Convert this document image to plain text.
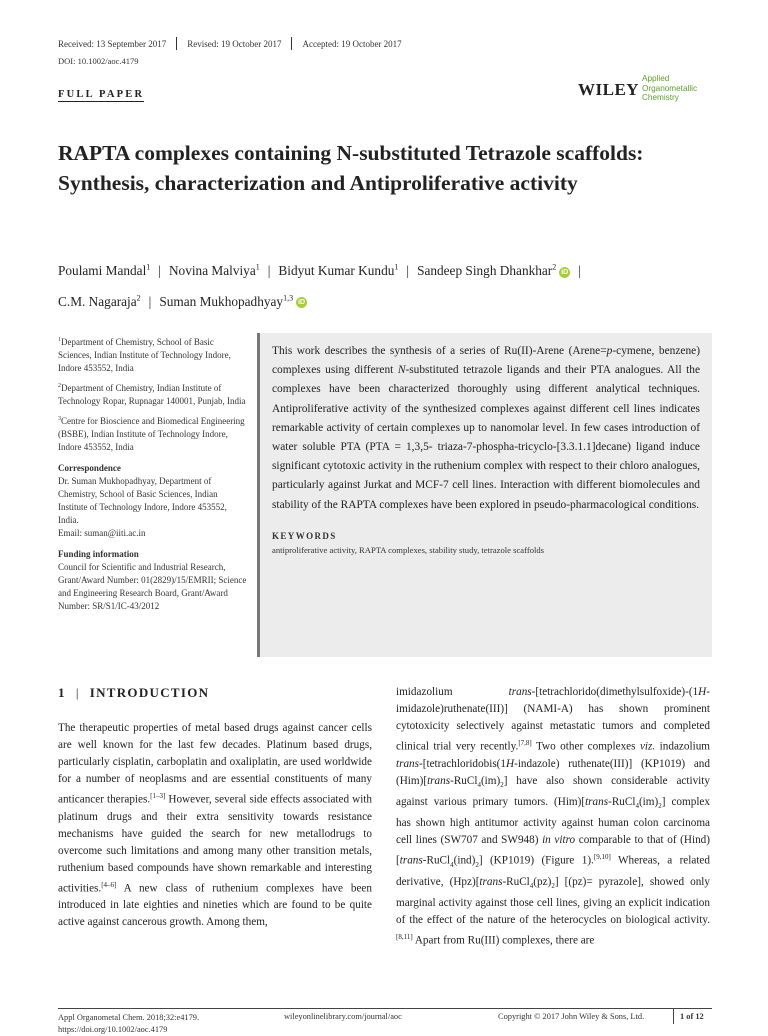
Received: 13 September 2017 Revised: 19 October 2017 Accepted: 19 October 2017
DOI: 10.1002/aoc.4179
FULL PAPER	WILEY
Applied
Organometallic
Chemistry
RAPTA complexes containing N-substituted Tetrazole scaffolds: Synthesis, characterization and Antiproliferative activity
Poulami Mandal$^1$ | Novina Malviya$^1$ | Bidyut Kumar Kundu$^1$ | Sandeep Singh Dhankhar$^2$iD |
C.M. Nagaraja$^2$ | Suman Mukhopadhyay$^{1,3}$iD

$^1$Department of Chemistry, School of Basic Sciences, Indian Institute of Technology Indore, Indore 453552, India

$^2$Department of Chemistry, Indian Institute of Technology Ropar, Rupnagar 140001, Punjab, India

$^3$Centre for Bioscience and Biomedical Engineering (BSBE), Indian Institute of Technology Indore, Indore 453552, India

Correspondence

Dr. Suman Mukhopadhyay, Department of Chemistry, School of Basic Sciences, Indian Institute of Technology Indore, Indore 453552, India.
Email: suman@iiti.ac.in

Funding information

Council for Scientific and Industrial Research, Grant/Award Number: 01(2829)/15/EMRII; Science and Engineering Research Board, Grant/Award Number: SR/S1/IC-43/2012

This work describes the synthesis of a series of Ru(II)-Arene (Arene=p-cymene, benzene) complexes using different N-substituted tetrazole ligands and their PTA analogues. All the complexes have been characterized thoroughly using different analytical techniques. Antiproliferative activity of the synthesized complexes against different cell lines indicates remarkable activity of certain complexes up to nanomolar level. In few cases introduction of water soluble PTA (PTA = 1,3,5- triaza-7-phospha-tricyclo-[3.3.1.1]decane) ligand induce significant cytotoxic activity in the ruthenium complex with respect to their chloro analogues, particularly against Jurkat and MCF-7 cell lines. Interaction with different biomolecules and stability of the RAPTA complexes have been explored in pseudo-pharmacological conditions.
KEYWORDS
antiproliferative activity, RAPTA complexes, stability study, tetrazole scaffolds
1 | INTRODUCTION

The therapeutic properties of metal based drugs against cancer cells are well known for the last few decades. Platinum based drugs, particularly cisplatin, carboplatin and oxaliplatin, are used worldwide for a number of neoplasms and are essential constituents of many anticancer therapies.[1–3] However, several side effects associated with platinum drugs and their extra sensitivity towards resistance mechanisms have guided the search for new metallodrugs to overcome such limitations and among many other transition metals, ruthenium based compounds have shown remarkable and interesting activities.[4–6] A new class of ruthenium complexes have been introduced in late eighties and nineties which are found to be quite active against cancerous growth. Among them,

imidazolium trans-[tetrachlorido(dimethylsulfoxide)-(1H-imidazole)ruthenate(III)] (NAMI-A) has shown prominent cytotoxicity selectively against metastatic tumors and completed clinical trial very recently.[7,8] Two other complexes viz. indazolium trans-[tetrachloridobis(1H-indazole) ruthenate(III)] (KP1019) and $(Him)[trans-RuCl_4(im)_2]$ have also shown considerable activity against various primary tumors. $(Him)[trans-RuCl_4(im)_2]$ complex has shown high antitumor activity against human colon carcinoma cell lines (SW707 and SW948) in vitro comparable to that of $(Hind)[trans-RuCl_4(ind)_2]$ (KP1019) (Figure 1).[9,10] Whereas, a related derivative, $(Hpz)[trans-RuCl_4(pz)_2]$ [(pz)= pyrazole], showed only marginal activity against those cell lines, giving an explicit indication of the effect of the nature of the heterocycles on biological activity.[8,11] Apart from Ru(III) complexes, there are

Appl Organometal Chem. 2018;32:e4179.
https://doi.org/10.1002/aoc.4179
wileyonlinelibrary.com/journal/aoc	Copyright © 2017 John Wiley & Sons, Ltd.	1 of 12
